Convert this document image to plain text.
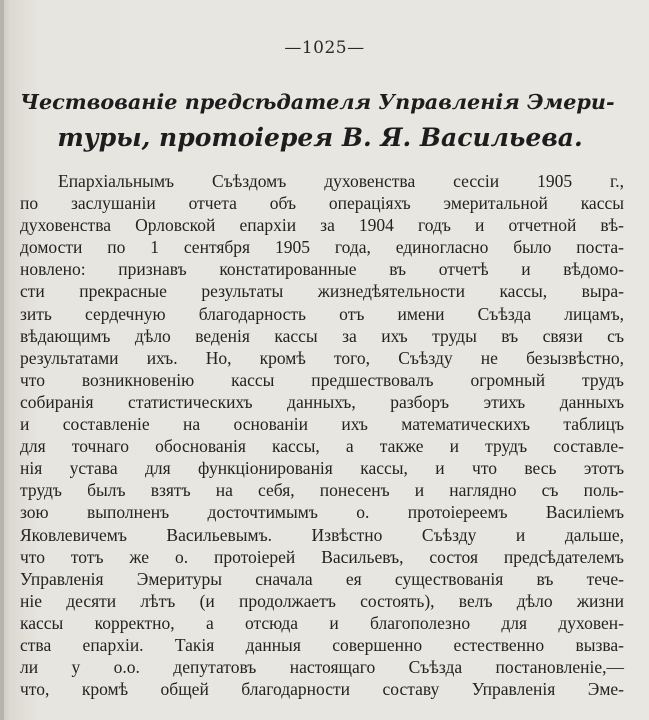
—1025—
Чествованіе предсѣдателя Управленія Эмери-
туры, протоіерея В. Я. Васильева.
Епархіальнымъ Съѣздомъ духовенства сессіи 1905 г.,
по заслушаніи отчета объ операціяхъ эмеритальной кассы
духовенства Орловской епархіи за 1904 годъ и отчетной вѣ-
домости по 1 сентября 1905 года, единогласно было поста-
новлено: признавъ констатированные въ отчетѣ и вѣдомо-
сти прекрасные результаты жизнедѣятельности кассы, выра-
зить сердечную благодарность отъ имени Съѣзда лицамъ,
вѣдающимъ дѣло веденія кассы за ихъ труды въ связи съ
результатами ихъ. Но, кромѣ того, Съѣзду не безызвѣстно,
что возникновенію кассы предшествовалъ огромный трудъ
собиранія статистическихъ данныхъ, разборъ этихъ данныхъ
и составленіе на основаніи ихъ математическихъ таблицъ
для точнаго обоснованія кассы, а также и трудъ составле-
нія устава для функціонированія кассы, и что весь этотъ
трудъ былъ взятъ на себя, понесенъ и наглядно съ поль-
зою выполненъ досточтимымъ о. протоіереемъ Василіемъ
Яковлевичемъ Васильевымъ. Извѣстно Съѣзду и дальше,
что тотъ же о. протоіерей Васильевъ, состоя предсѣдателемъ
Управленія Эмеритуры сначала ея существованія въ тече-
ніе десяти лѣтъ (и продолжаетъ состоять), велъ дѣло жизни
кассы корректно, а отсюда и благополезно для духовен-
ства епархіи. Такія данныя совершенно естественно вызва-
ли у о.о. депутатовъ настоящаго Съѣзда постановленіе,—
что, кромѣ общей благодарности составу Управленія Эме-
